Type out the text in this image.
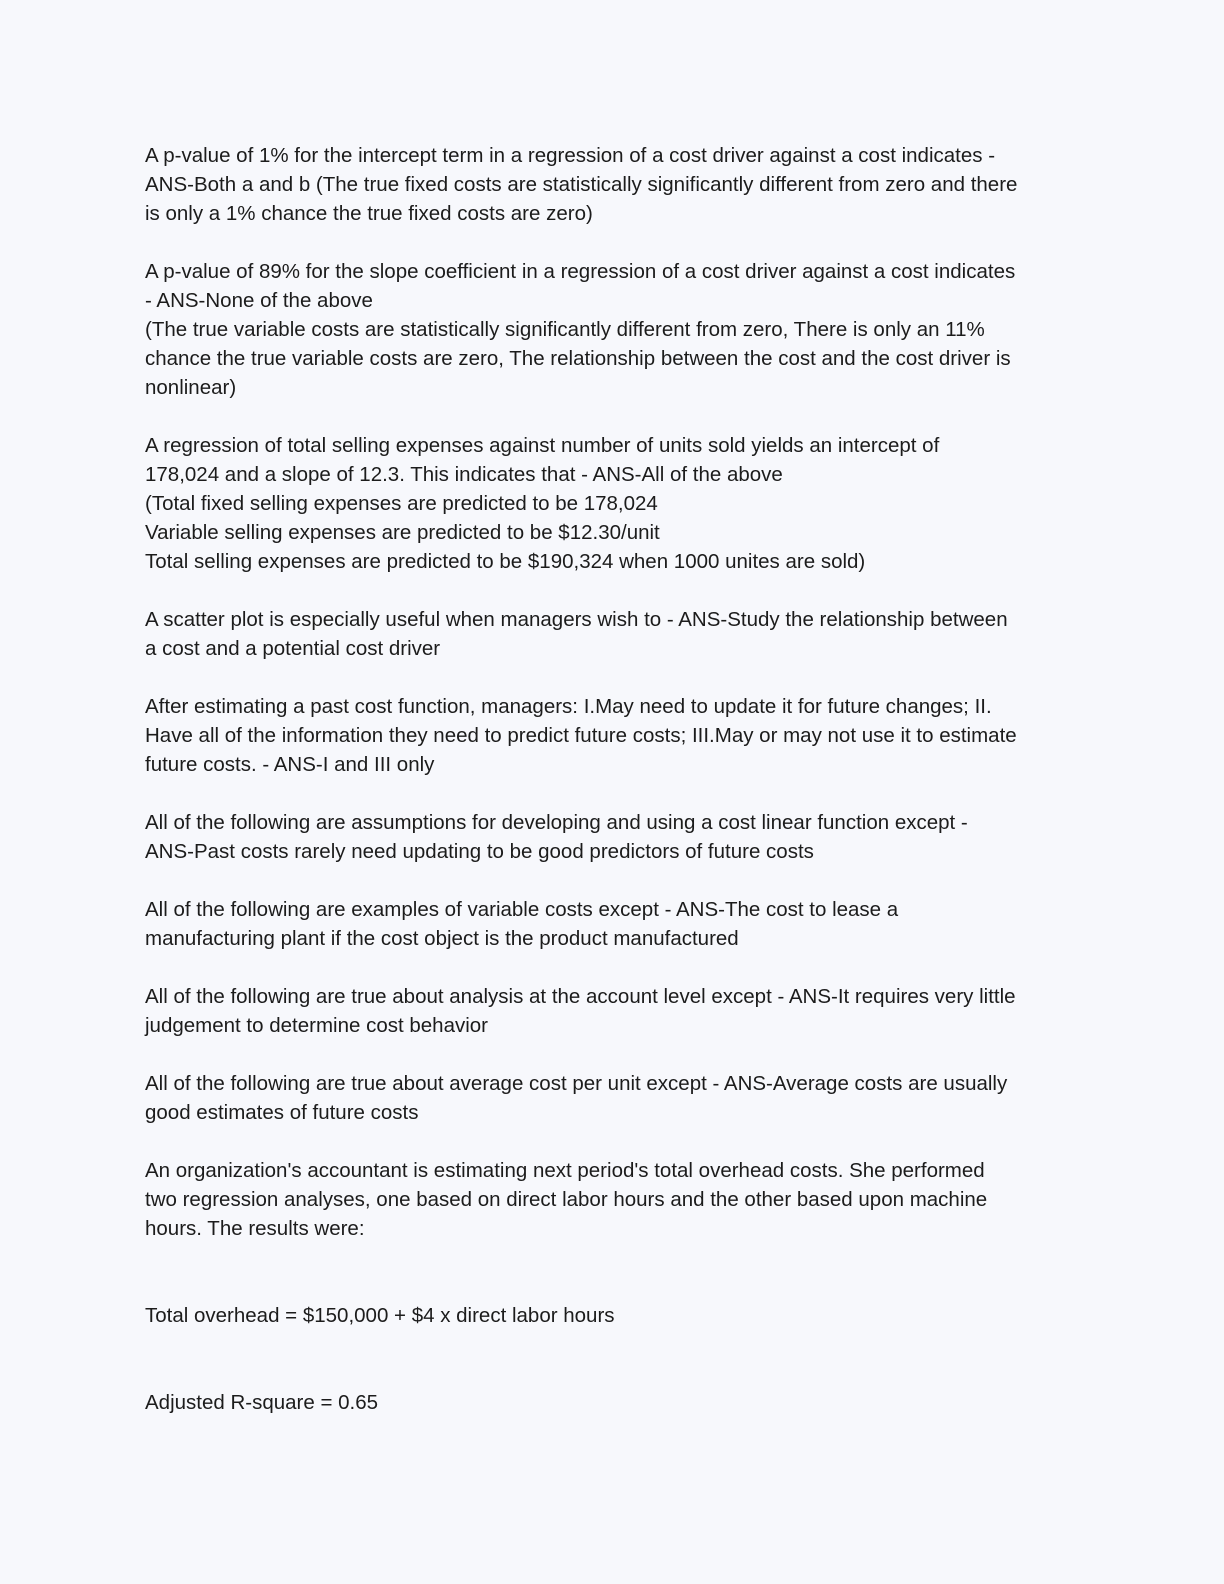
A p-value of 1% for the intercept term in a regression of a cost driver against a cost indicates -
ANS-Both a and b (The true fixed costs are statistically significantly different from zero and there
is only a 1% chance the true fixed costs are zero)
A p-value of 89% for the slope coefficient in a regression of a cost driver against a cost indicates
- ANS-None of the above
(The true variable costs are statistically significantly different from zero, There is only an 11%
chance the true variable costs are zero, The relationship between the cost and the cost driver is
nonlinear)
A regression of total selling expenses against number of units sold yields an intercept of
178,024 and a slope of 12.3. This indicates that - ANS-All of the above
(Total fixed selling expenses are predicted to be 178,024
Variable selling expenses are predicted to be $12.30/unit
Total selling expenses are predicted to be $190,324 when 1000 unites are sold)
A scatter plot is especially useful when managers wish to - ANS-Study the relationship between
a cost and a potential cost driver
After estimating a past cost function, managers: I.May need to update it for future changes; II.
Have all of the information they need to predict future costs; III.May or may not use it to estimate
future costs. - ANS-I and III only
All of the following are assumptions for developing and using a cost linear function except -
ANS-Past costs rarely need updating to be good predictors of future costs
All of the following are examples of variable costs except - ANS-The cost to lease a
manufacturing plant if the cost object is the product manufactured
All of the following are true about analysis at the account level except - ANS-It requires very little
judgement to determine cost behavior
All of the following are true about average cost per unit except - ANS-Average costs are usually
good estimates of future costs
An organization's accountant is estimating next period's total overhead costs. She performed
two regression analyses, one based on direct labor hours and the other based upon machine
hours. The results were:
Total overhead = $150,000 + $4 x direct labor hours
Adjusted R-square = 0.65
